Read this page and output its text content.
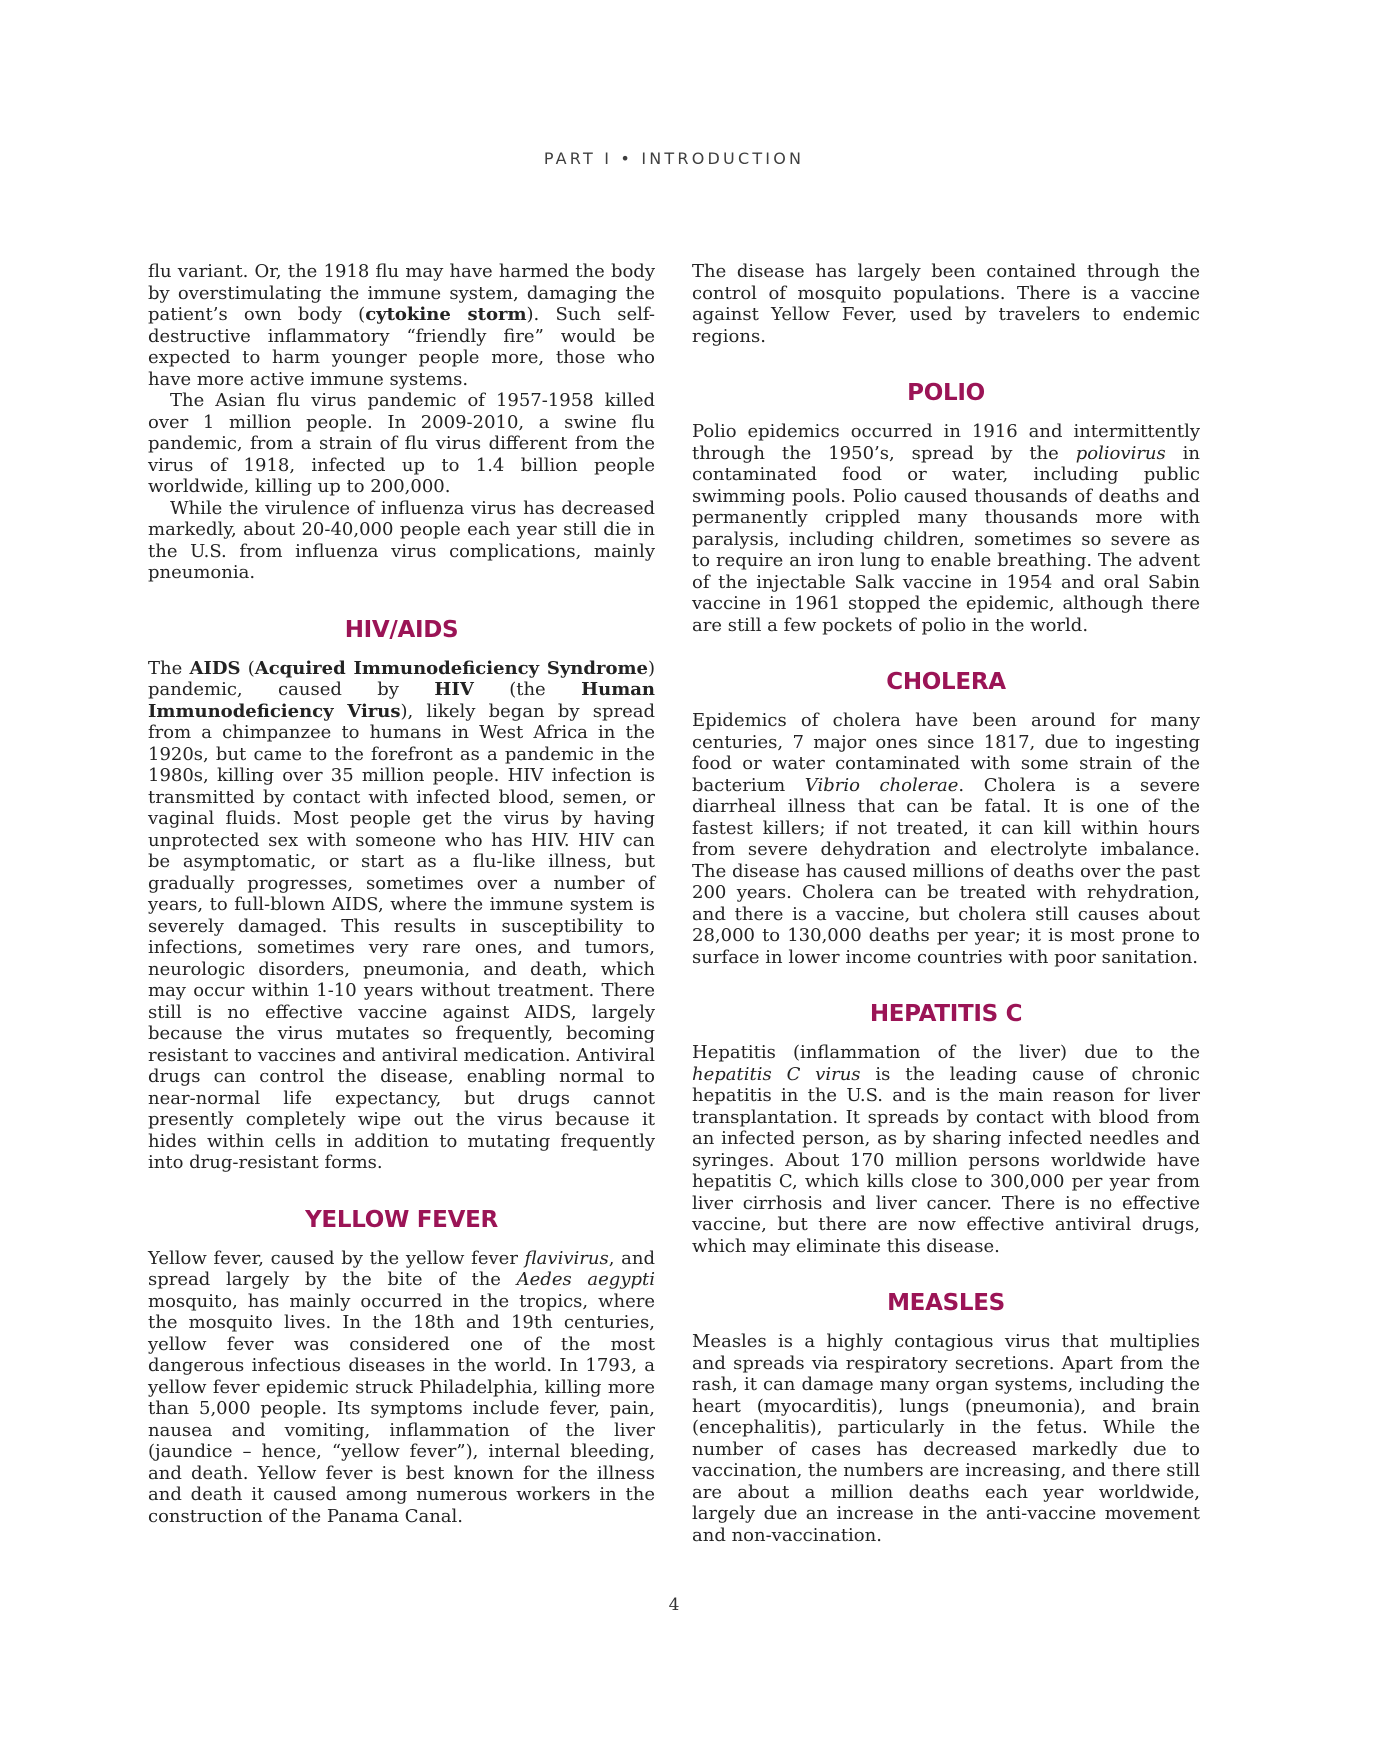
PART I • INTRODUCTION

flu variant. Or, the 1918 flu may have harmed the body by overstimulating the immune system, damaging the patient’s own body (cytokine storm). Such self-destructive inflammatory “friendly fire” would be expected to harm younger people more, those who have more active immune systems.

The Asian flu virus pandemic of 1957-1958 killed over 1 million people. In 2009-2010, a swine flu pandemic, from a strain of flu virus different from the virus of 1918, infected up to 1.4 billion people worldwide, killing up to 200,000.

While the virulence of influenza virus has decreased markedly, about 20-40,000 people each year still die in the U.S. from influenza virus complications, mainly pneumonia.

HIV/AIDS

The AIDS (Acquired Immunodeficiency Syndrome) pandemic, caused by HIV (the Human Immunodeficiency Virus), likely began by spread from a chimpanzee to humans in West Africa in the 1920s, but came to the forefront as a pandemic in the 1980s, killing over 35 million people. HIV infection is transmitted by contact with infected blood, semen, or vaginal fluids. Most people get the virus by having unprotected sex with someone who has HIV. HIV can be asymptomatic, or start as a flu-like illness, but gradually progresses, sometimes over a number of years, to full-blown AIDS, where the immune system is severely damaged. This results in susceptibility to infections, sometimes very rare ones, and tumors, neurologic disorders, pneumonia, and death, which may occur within 1-10 years without treatment. There still is no effective vaccine against AIDS, largely because the virus mutates so frequently, becoming resistant to vaccines and antiviral medication. Antiviral drugs can control the disease, enabling normal to near-normal life expectancy, but drugs cannot presently completely wipe out the virus because it hides within cells in addition to mutating frequently into drug-resistant forms.

YELLOW FEVER

Yellow fever, caused by the yellow fever flavivirus, and spread largely by the bite of the Aedes aegypti mosquito, has mainly occurred in the tropics, where the mosquito lives. In the 18th and 19th centuries, yellow fever was considered one of the most dangerous infectious diseases in the world. In 1793, a yellow fever epidemic struck Philadelphia, killing more than 5,000 people. Its symptoms include fever, pain, nausea and vomiting, inflammation of the liver (jaundice – hence, “yellow fever”), internal bleeding, and death. Yellow fever is best known for the illness and death it caused among numerous workers in the construction of the Panama Canal.

The disease has largely been contained through the control of mosquito populations. There is a vaccine against Yellow Fever, used by travelers to endemic regions.

POLIO

Polio epidemics occurred in 1916 and intermittently through the 1950’s, spread by the poliovirus in contaminated food or water, including public swimming pools. Polio caused thousands of deaths and permanently crippled many thousands more with paralysis, including children, sometimes so severe as to require an iron lung to enable breathing. The advent of the injectable Salk vaccine in 1954 and oral Sabin vaccine in 1961 stopped the epidemic, although there are still a few pockets of polio in the world.

CHOLERA

Epidemics of cholera have been around for many centuries, 7 major ones since 1817, due to ingesting food or water contaminated with some strain of the bacterium Vibrio cholerae. Cholera is a severe diarrheal illness that can be fatal. It is one of the fastest killers; if not treated, it can kill within hours from severe dehydration and electrolyte imbalance. The disease has caused millions of deaths over the past 200 years. Cholera can be treated with rehydration, and there is a vaccine, but cholera still causes about 28,000 to 130,000 deaths per year; it is most prone to surface in lower income countries with poor sanitation.

HEPATITIS C

Hepatitis (inflammation of the liver) due to the hepatitis C virus is the leading cause of chronic hepatitis in the U.S. and is the main reason for liver transplantation. It spreads by contact with blood from an infected person, as by sharing infected needles and syringes. About 170 million persons worldwide have hepatitis C, which kills close to 300,000 per year from liver cirrhosis and liver cancer. There is no effective vaccine, but there are now effective antiviral drugs, which may eliminate this disease.

MEASLES

Measles is a highly contagious virus that multiplies and spreads via respiratory secretions. Apart from the rash, it can damage many organ systems, including the heart (myocarditis), lungs (pneumonia), and brain (encephalitis), particularly in the fetus. While the number of cases has decreased markedly due to vaccination, the numbers are increasing, and there still are about a million deaths each year worldwide, largely due an increase in the anti-vaccine movement and non-vaccination.

4
